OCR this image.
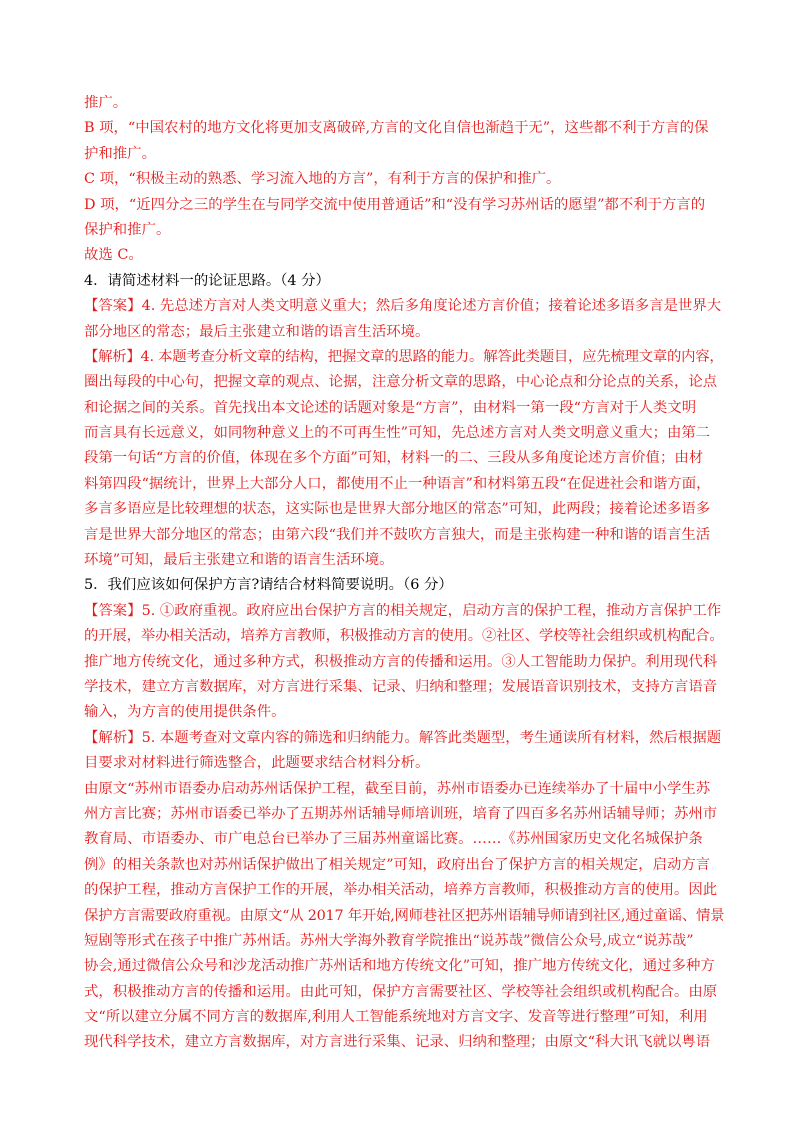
推广。
B 项，“中国农村的地方文化将更加支离破碎,方言的文化自信也渐趋于无”，这些都不利于方言的保
护和推广。
C 项，“积极主动的熟悉、学习流入地的方言”，有利于方言的保护和推广。
D 项，“近四分之三的学生在与同学交流中使用普通话”和“没有学习苏州话的愿望”都不利于方言的
保护和推广。
故选 C。
4．请简述材料一的论证思路。（4 分）
【答案】4. 先总述方言对人类文明意义重大；然后多角度论述方言价值；接着论述多语多言是世界大
部分地区的常态；最后主张建立和谐的语言生活环境。
【解析】4. 本题考查分析文章的结构，把握文章的思路的能力。解答此类题目，应先梳理文章的内容，
圈出每段的中心句，把握文章的观点、论据，注意分析文章的思路，中心论点和分论点的关系，论点
和论据之间的关系。首先找出本文论述的话题对象是“方言”，由材料一第一段“方言对于人类文明
而言具有长远意义，如同物种意义上的不可再生性”可知，先总述方言对人类文明意义重大；由第二
段第一句话“方言的价值，体现在多个方面”可知，材料一的二、三段从多角度论述方言价值；由材
料第四段“据统计，世界上大部分人口，都使用不止一种语言”和材料第五段“在促进社会和谐方面，
多言多语应是比较理想的状态，这实际也是世界大部分地区的常态”可知，此两段；接着论述多语多
言是世界大部分地区的常态；由第六段“我们并不鼓吹方言独大，而是主张构建一种和谐的语言生活
环境”可知，最后主张建立和谐的语言生活环境。
5．我们应该如何保护方言?请结合材料简要说明。（6 分）
【答案】5. ①政府重视。政府应出台保护方言的相关规定，启动方言的保护工程，推动方言保护工作
的开展，举办相关活动，培养方言教师，积极推动方言的使用。②社区、学校等社会组织或机构配合。
推广地方传统文化，通过多种方式，积极推动方言的传播和运用。③人工智能助力保护。利用现代科
学技术，建立方言数据库，对方言进行采集、记录、归纳和整理；发展语音识别技术，支持方言语音
输入，为方言的使用提供条件。
【解析】5. 本题考查对文章内容的筛选和归纳能力。解答此类题型，考生通读所有材料，然后根据题
目要求对材料进行筛选整合，此题要求结合材料分析。
由原文“苏州市语委办启动苏州话保护工程，截至目前，苏州市语委办已连续举办了十届中小学生苏
州方言比赛；苏州市语委已举办了五期苏州话辅导师培训班，培育了四百多名苏州话辅导师；苏州市
教育局、市语委办、市广电总台已举办了三届苏州童谣比赛。……《苏州国家历史文化名城保护条
例》的相关条款也对苏州话保护做出了相关规定”可知，政府出台了保护方言的相关规定，启动方言
的保护工程，推动方言保护工作的开展，举办相关活动，培养方言教师，积极推动方言的使用。因此
保护方言需要政府重视。由原文“从 2017 年开始,网师巷社区把苏州语辅导师请到社区,通过童谣、情景
短剧等形式在孩子中推广苏州话。苏州大学海外教育学院推出“说苏哉”微信公众号,成立“说苏哉”
协会,通过微信公众号和沙龙活动推广苏州话和地方传统文化”可知，推广地方传统文化，通过多种方
式，积极推动方言的传播和运用。由此可知，保护方言需要社区、学校等社会组织或机构配合。由原
文“所以建立分属不同方言的数据库,利用人工智能系统地对方言文字、发音等进行整理”可知，利用
现代科学技术，建立方言数据库，对方言进行采集、记录、归纳和整理；由原文“科大讯飞就以粤语
